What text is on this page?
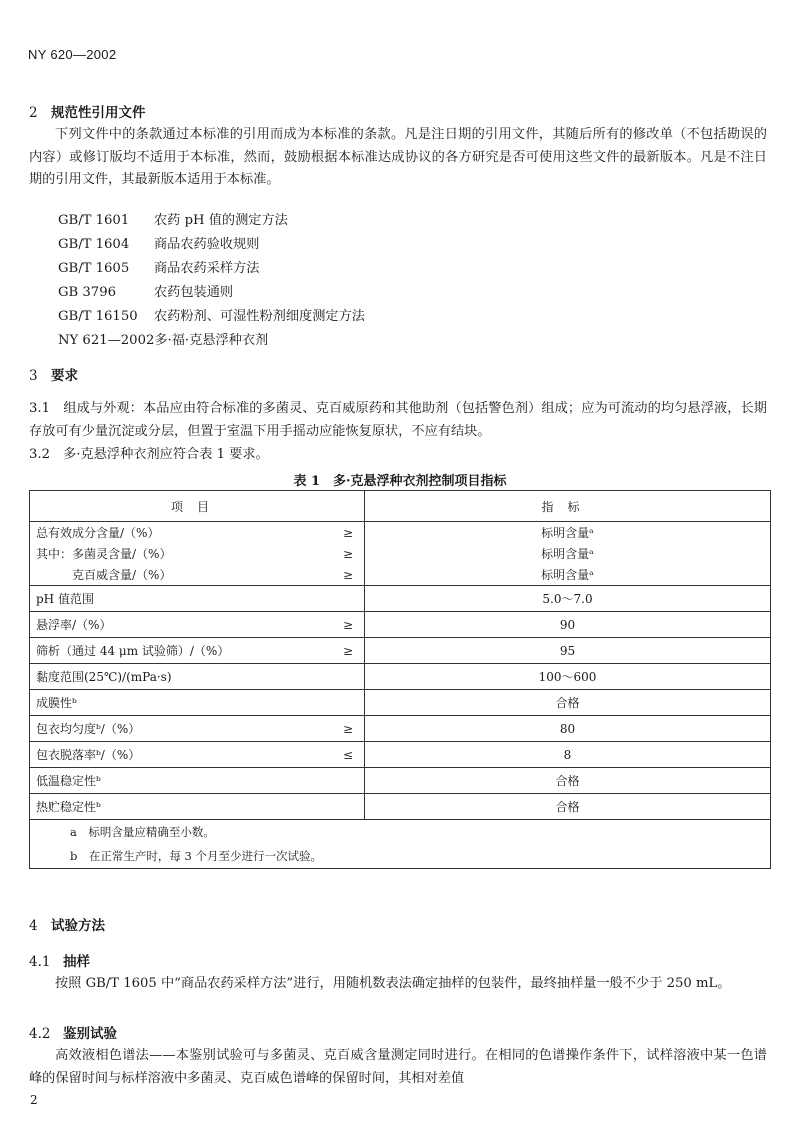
NY 620—2002
2 规范性引用文件
下列文件中的条款通过本标准的引用而成为本标准的条款。凡是注日期的引用文件，其随后所有的修改单（不包括勘误的内容）或修订版均不适用于本标准，然而，鼓励根据本标准达成协议的各方研究是否可使用这些文件的最新版本。凡是不注日期的引用文件，其最新版本适用于本标准。
GB/T 1601 农药 pH 值的测定方法
GB/T 1604 商品农药验收规则
GB/T 1605 商品农药采样方法
GB 3796	农药包装通则
GB/T 16150 农药粉剂、可湿性粉剂细度测定方法
NY 621—2002多·福·克悬浮种衣剂
3 要求
3.1　组成与外观：本品应由符合标准的多菌灵、克百威原药和其他助剂（包括警色剂）组成；应为可流动的均匀悬浮液，长期存放可有少量沉淀或分层，但置于室温下用手摇动应能恢复原状，不应有结块。
3.2　多·克悬浮种衣剂应符合表 1 要求。
表 1　多·克悬浮种衣剂控制项目指标
项目		指标
总有效成分含量/（%）	≥	标明含量ᵃ
其中：多菌灵含量/（%）	≥	标明含量ᵃ
　　　克百威含量/（%）	≥	标明含量ᵃ
pH 值范围		5.0～7.0
悬浮率/（%）	≥	90
筛析（通过 44 μm 试验筛）/（%）	≥	95
黏度范围(25℃)/(mPa·s)		100～600
成膜性ᵇ		合格
包衣均匀度ᵇ/（%）	≥	80
包衣脱落率ᵇ/（%）	≤	8
低温稳定性ᵇ		合格
热贮稳定性ᵇ		合格
a　标明含量应精确至小数。		
b　在正常生产时，每 3 个月至少进行一次试验。		
4 试验方法
4.1 抽样
按照 GB/T 1605 中“商品农药采样方法”进行，用随机数表法确定抽样的包装件，最终抽样量一般不少于 250 mL。
4.2 鉴别试验
高效液相色谱法——本鉴别试验可与多菌灵、克百威含量测定同时进行。在相同的色谱操作条件下，试样溶液中某一色谱峰的保留时间与标样溶液中多菌灵、克百威色谱峰的保留时间，其相对差值
2
